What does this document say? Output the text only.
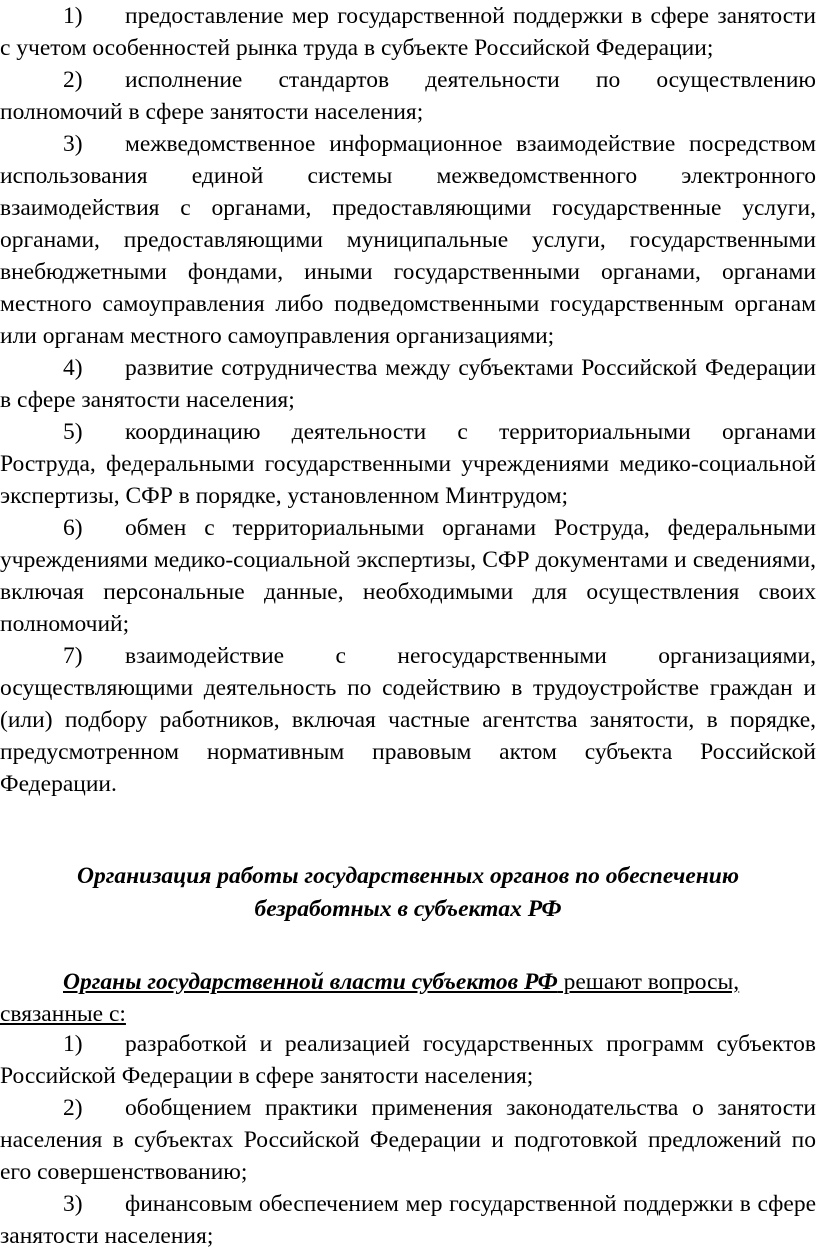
1) предоставление мер государственной поддержки в сфере занятости с учетом особенностей рынка труда в субъекте Российской Федерации;

2) исполнение стандартов деятельности по осуществлению полномочий в сфере занятости населения;

3) межведомственное информационное взаимодействие посредством использования единой системы межведомственного электронного взаимодействия с органами, предоставляющими государственные услуги, органами, предоставляющими муниципальные услуги, государственными внебюджетными фондами, иными государственными органами, органами местного самоуправления либо подведомственными государственным органам или органам местного самоуправления организациями;

4) развитие сотрудничества между субъектами Российской Федерации в сфере занятости населения;

5) координацию деятельности с территориальными органами Роструда, федеральными государственными учреждениями медико-социальной экспертизы, СФР в порядке, установленном Минтрудом;

6) обмен с территориальными органами Роструда, федеральными учреждениями медико-социальной экспертизы, СФР документами и сведениями, включая персональные данные, необходимыми для осуществления своих полномочий;

7) взаимодействие с негосударственными организациями, осуществляющими деятельность по содействию в трудоустройстве граждан и (или) подбору работников, включая частные агентства занятости, в порядке, предусмотренном нормативным правовым актом субъекта Российской Федерации.

Организация работы государственных органов по обеспечению

безработных в субъектах РФ

Органы государственной власти субъектов РФ решают вопросы, связанные с:

1) разработкой и реализацией государственных программ субъектов Российской Федерации в сфере занятости населения;

2) обобщением практики применения законодательства о занятости населения в субъектах Российской Федерации и подготовкой предложений по его совершенствованию;

3) финансовым обеспечением мер государственной поддержки в сфере занятости населения;
